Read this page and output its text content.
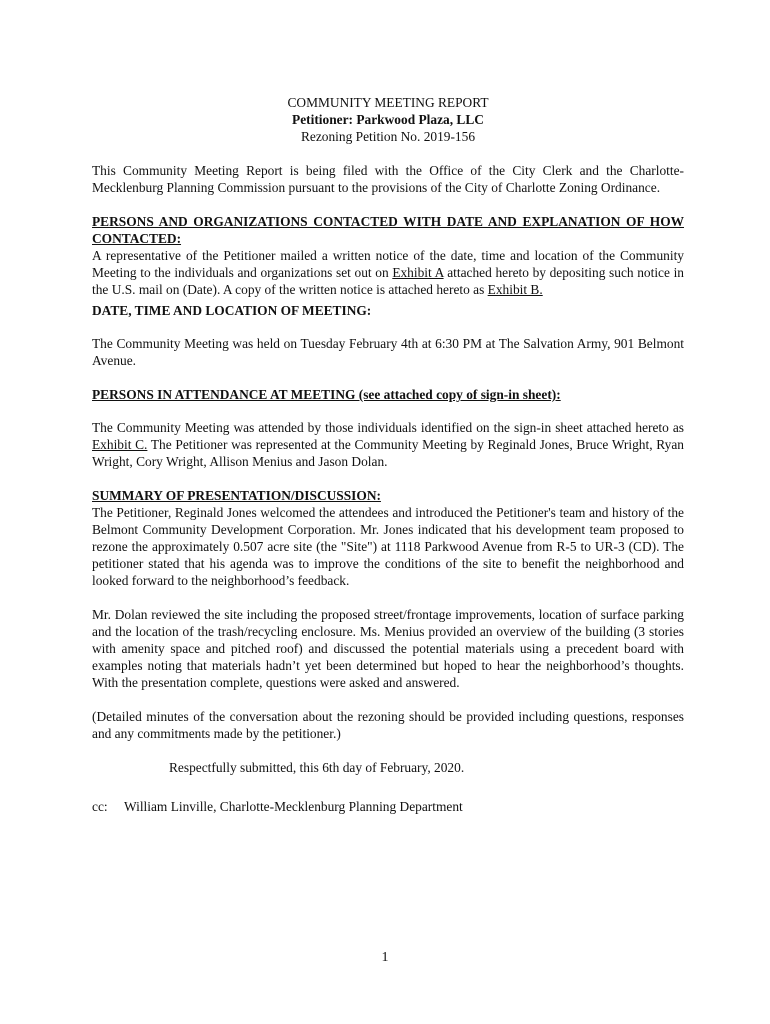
COMMUNITY MEETING REPORT
Petitioner: Parkwood Plaza, LLC
Rezoning Petition No. 2019-156

This Community Meeting Report is being filed with the Office of the City Clerk and the Charlotte-Mecklenburg Planning Commission pursuant to the provisions of the City of Charlotte Zoning Ordinance.

PERSONS AND ORGANIZATIONS CONTACTED WITH DATE AND EXPLANATION OF HOW CONTACTED:

A representative of the Petitioner mailed a written notice of the date, time and location of the Community Meeting to the individuals and organizations set out on Exhibit A attached hereto by depositing such notice in the U.S. mail on (Date). A copy of the written notice is attached hereto as Exhibit B.

DATE, TIME AND LOCATION OF MEETING:

The Community Meeting was held on Tuesday February 4th at 6:30 PM at The Salvation Army, 901 Belmont Avenue.

PERSONS IN ATTENDANCE AT MEETING (see attached copy of sign-in sheet):

The Community Meeting was attended by those individuals identified on the sign-in sheet attached hereto as Exhibit C. The Petitioner was represented at the Community Meeting by Reginald Jones, Bruce Wright, Ryan Wright, Cory Wright, Allison Menius and Jason Dolan.

SUMMARY OF PRESENTATION/DISCUSSION:

The Petitioner, Reginald Jones welcomed the attendees and introduced the Petitioner's team and history of the Belmont Community Development Corporation. Mr. Jones indicated that his development team proposed to rezone the approximately 0.507 acre site (the "Site") at 1118 Parkwood Avenue from R-5 to UR-3 (CD). The petitioner stated that his agenda was to improve the conditions of the site to benefit the neighborhood and looked forward to the neighborhood’s feedback.

Mr. Dolan reviewed the site including the proposed street/frontage improvements, location of surface parking and the location of the trash/recycling enclosure. Ms. Menius provided an overview of the building (3 stories with amenity space and pitched roof) and discussed the potential materials using a precedent board with examples noting that materials hadn’t yet been determined but hoped to hear the neighborhood’s thoughts. With the presentation complete, questions were asked and answered.

(Detailed minutes of the conversation about the rezoning should be provided including questions, responses and any commitments made by the petitioner.)

Respectfully submitted, this 6th day of February, 2020.

cc:	William Linville, Charlotte-Mecklenburg Planning Department
1
